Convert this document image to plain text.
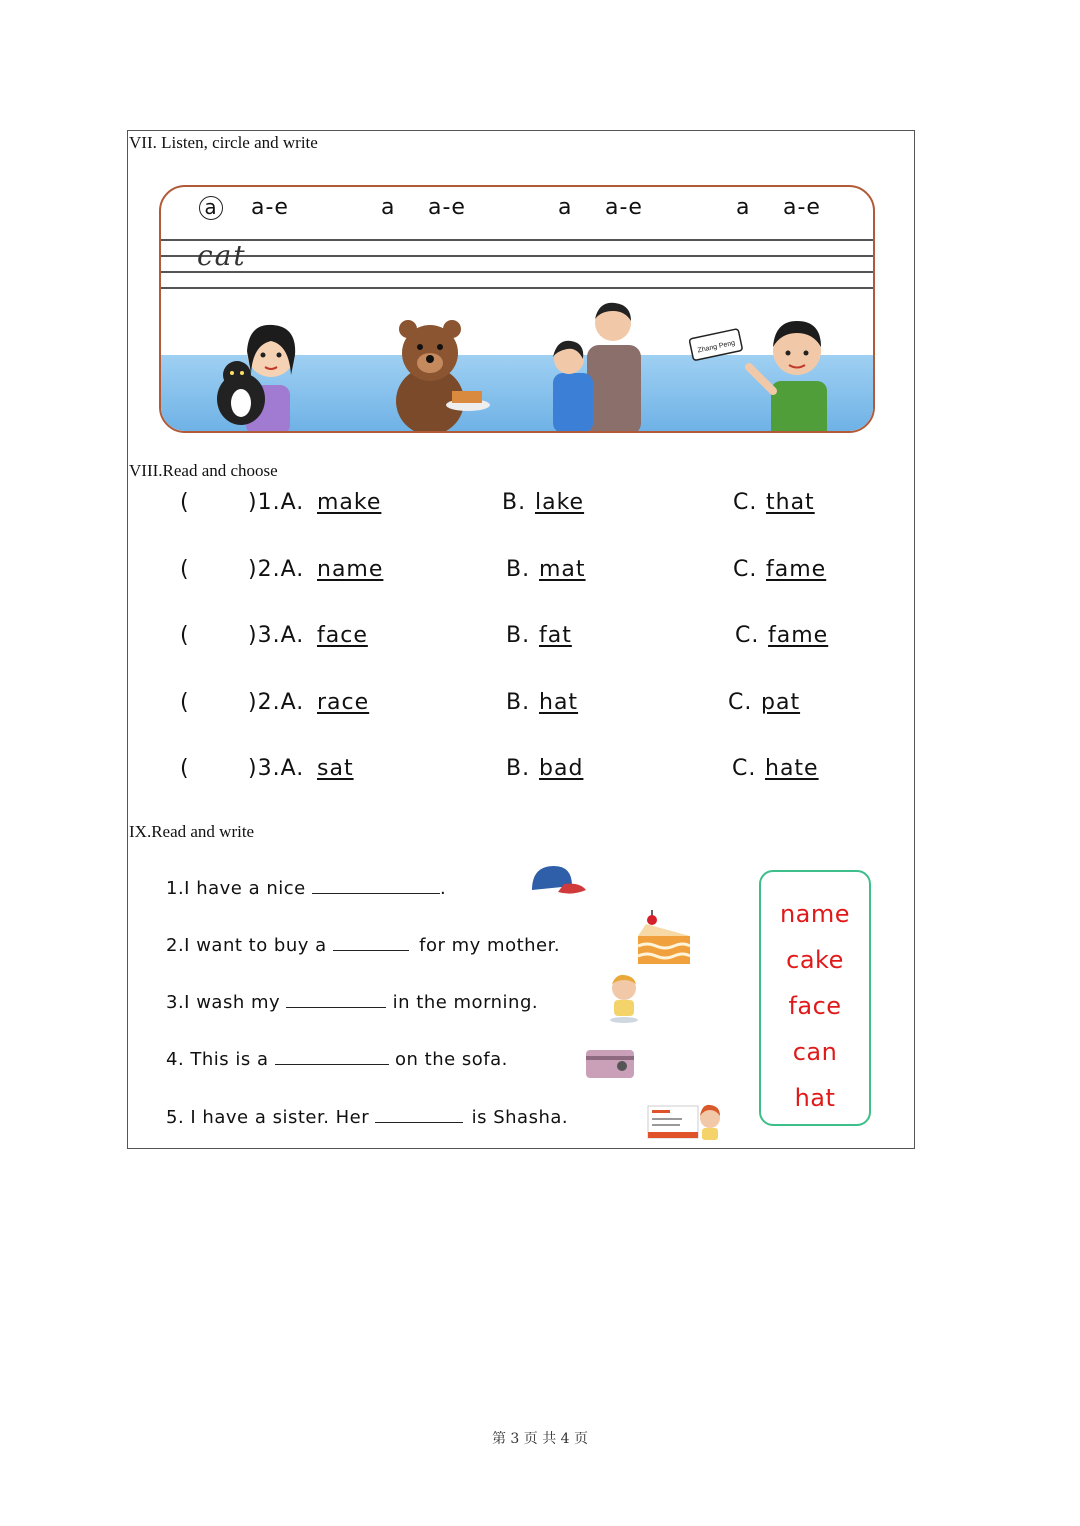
VII. Listen, circle and write
a a-e	a a-e	a a-e	a a-e
cat
Zhang Peng
VIII.Read and choose
(	)1.A. make	B. lake	C. that
(	)2.A. name	B. mat	C. fame
(	)3.A. face	B. fat	C. fame
(	)2.A. race	B. hat	C. pat
(	)3.A. sat	B. bad	C. hate
IX.Read and write
1.I have a nice	.
2.I want to buy a	for my mother.
3.I wash my	in the morning.
4. This is a	on the sofa.
5. I have a sister. Her	is Shasha.
name
cake
face
can
hat
第 3 页 共 4 页
